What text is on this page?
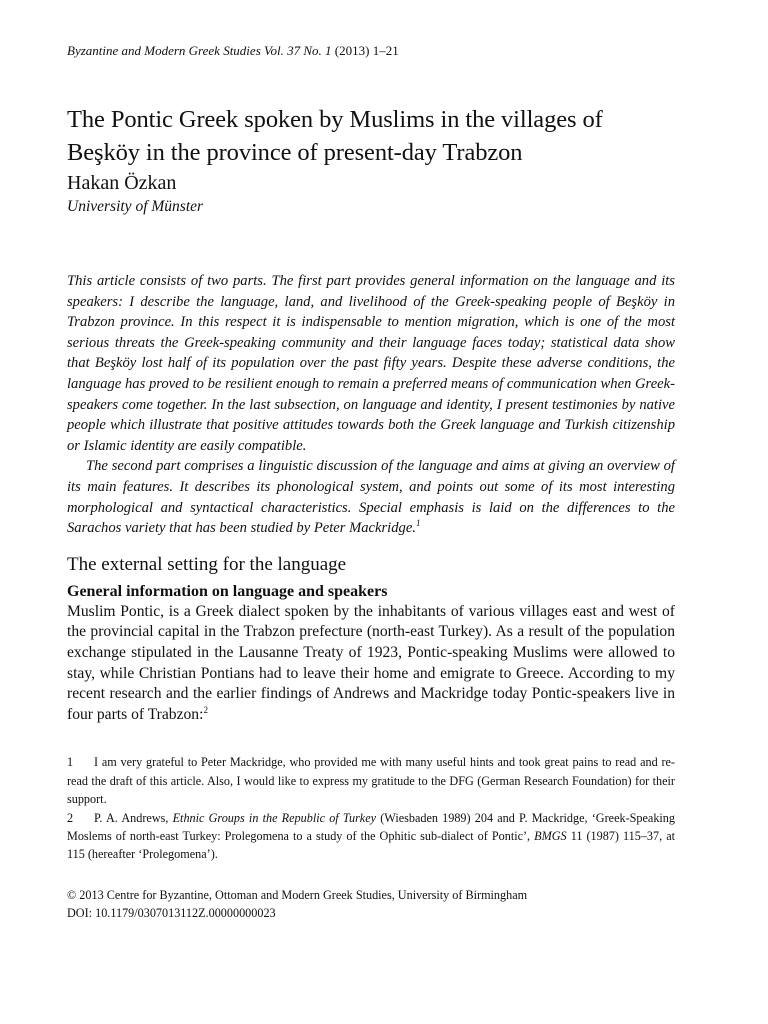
Byzantine and Modern Greek Studies Vol. 37 No. 1 (2013) 1–21

The Pontic Greek spoken by Muslims in the villages of
Beşköy in the province of present-day Trabzon

Hakan Özkan

University of Münster

This article consists of two parts. The first part provides general information on the language and its speakers: I describe the language, land, and livelihood of the Greek-speaking people of Beşköy in Trabzon province. In this respect it is indispensable to mention migration, which is one of the most serious threats the Greek-speaking community and their language faces today; statistical data show that Beşköy lost half of its population over the past fifty years. Despite these adverse conditions, the language has proved to be resilient enough to remain a preferred means of communication when Greek-speakers come together. In the last subsection, on language and identity, I present testimonies by native people which illustrate that positive attitudes towards both the Greek language and Turkish citizenship or Islamic identity are easily compatible.

The second part comprises a linguistic discussion of the language and aims at giving an overview of its main features. It describes its phonological system, and points out some of its most interesting morphological and syntactical characteristics. Special emphasis is laid on the differences to the Sarachos variety that has been studied by Peter Mackridge.$^1$

The external setting for the language
General information on language and speakers

Muslim Pontic, is a Greek dialect spoken by the inhabitants of various villages east and west of the provincial capital in the Trabzon prefecture (north-east Turkey). As a result of the population exchange stipulated in the Lausanne Treaty of 1923, Pontic-speaking Muslims were allowed to stay, while Christian Pontians had to leave their home and emigrate to Greece. According to my recent research and the earlier findings of Andrews and Mackridge today Pontic-speakers live in four parts of Trabzon:$^2$

1 I am very grateful to Peter Mackridge, who provided me with many useful hints and took great pains to read and re-read the draft of this article. Also, I would like to express my gratitude to the DFG (German Research Foundation) for their support.

2 P. A. Andrews, Ethnic Groups in the Republic of Turkey (Wiesbaden 1989) 204 and P. Mackridge, ‘Greek-Speaking Moslems of north-east Turkey: Prolegomena to a study of the Ophitic sub-dialect of Pontic’, BMGS 11 (1987) 115–37, at 115 (hereafter ‘Prolegomena’).

© 2013 Centre for Byzantine, Ottoman and Modern Greek Studies, University of Birmingham

DOI: 10.1179/0307013112Z.00000000023
